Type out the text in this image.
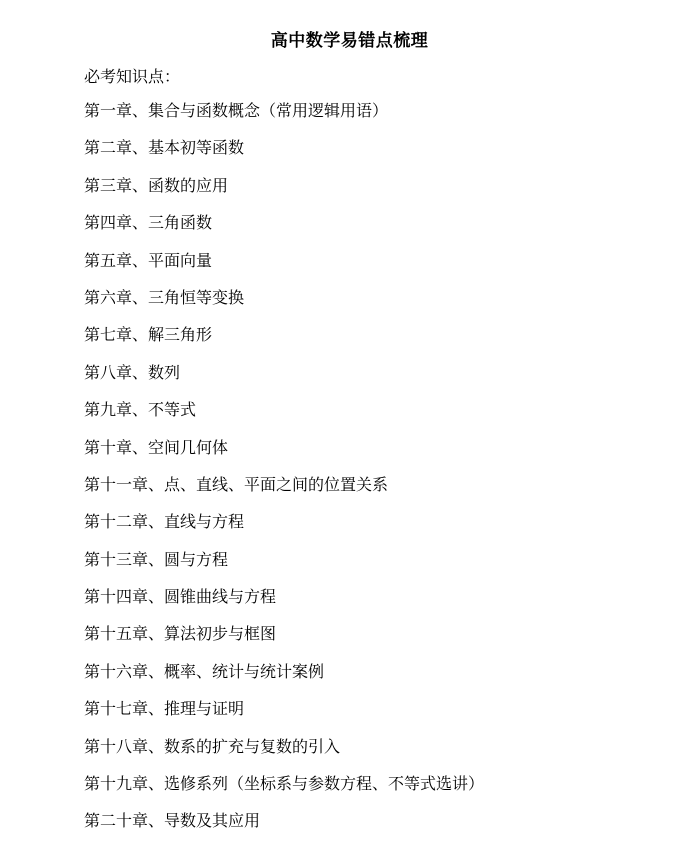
高中数学易错点梳理
必考知识点：
第一章、集合与函数概念（常用逻辑用语）
第二章、基本初等函数
第三章、函数的应用
第四章、三角函数
第五章、平面向量
第六章、三角恒等变换
第七章、解三角形
第八章、数列
第九章、不等式
第十章、空间几何体
第十一章、点、直线、平面之间的位置关系
第十二章、直线与方程
第十三章、圆与方程
第十四章、圆锥曲线与方程
第十五章、算法初步与框图
第十六章、概率、统计与统计案例
第十七章、推理与证明
第十八章、数系的扩充与复数的引入
第十九章、选修系列（坐标系与参数方程、不等式选讲）
第二十章、导数及其应用
